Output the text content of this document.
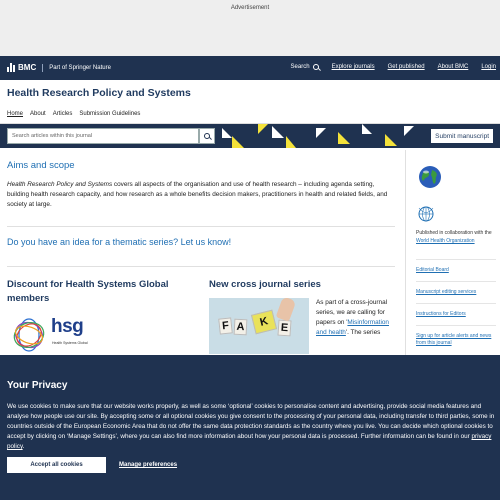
Advertisement
BMC Part of Springer Nature	Search	Explore journals Get published About BMC Login
Health Research Policy and Systems
Home About Articles Submission Guidelines
Search articles within this journal	Submit manuscript
Aims and scope
Health Research Policy and Systems covers all aspects of the organisation and use of health research – including agenda setting, building health research capacity, and how research as a whole benefits decision makers, practitioners in health and related fields, and society at large.
Do you have an idea for a thematic series? Let us know!
Discount for Health Systems Global members
hsg
Health Systems Global
New cross journal series
F A	K	E
As part of a cross-journal series, we are calling for papers on 'Misinformation and health'. The series
Published in collaboration with the World Health Organization
Editorial Board
Manuscript editing services
Instructions for Editors
Sign up for article alerts and news from this journal
Your Privacy
We use cookies to make sure that our website works properly, as well as some ‘optional’ cookies to personalise content and advertising, provide social media features and analyse how people use our site. By accepting some or all optional cookies you give consent to the processing of your personal data, including transfer to third parties, some in countries outside of the European Economic Area that do not offer the same data protection standards as the country where you live. You can decide which optional cookies to accept by clicking on ‘Manage Settings’, where you can also find more information about how your personal data is processed. Further information can be found in our privacy policy.
Accept all cookies	Manage preferences
